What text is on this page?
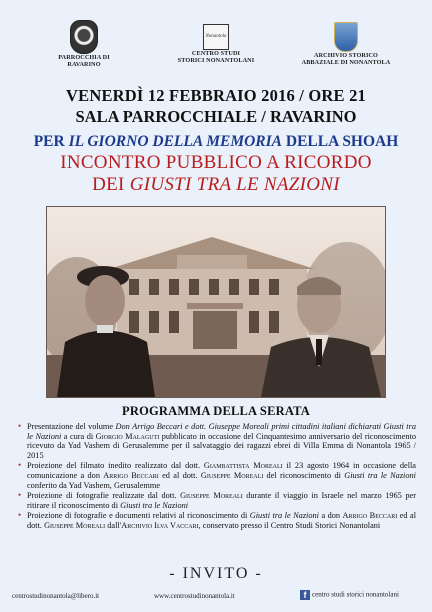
PARROCCHIA DI
RAVARINO
Nonantola
CENTRO STUDI
STORICI NONANTOLANI
ARCHIVIO STORICO
ABBAZIALE DI NONANTOLA
VENERDÌ 12 FEBBRAIO 2016 / ORE 21
SALA PARROCCHIALE / RAVARINO
PER IL GIORNO DELLA MEMORIA DELLA SHOAH
INCONTRO PUBBLICO A RICORDO
DEI GIUSTI TRA LE NAZIONI
PROGRAMMA DELLA SERATA
• Presentazione del volume Don Arrigo Beccari e dott. Giuseppe Moreali primi cittadini italiani dichiarati Giusti tra le Nazioni a cura di Giorgio Malaguti pubblicato in occasione del Cinquantesimo anniversario del riconoscimento ricevuto da Yad Vashem di Gerusalemme per il salvataggio dei ragazzi ebrei di Villa Emma di Nonantola 1965 / 2015
• Proiezione del filmato inedito realizzato dal dott. Giambattista Moreali il 23 agosto 1964 in occasione della comunicazione a don Arrigo Beccari ed al dott. Giuseppe Moreali del riconoscimento di Giusti tra le Nazioni conferito da Yad Vashem, Gerusalemme
• Proiezione di fotografie realizzate dal dott. Giuseppe Moreali durante il viaggio in Israele nel marzo 1965 per ritirare il riconoscimento di Giusti tra le Nazioni
• Proiezione di fotografie e documenti relativi al riconoscimento di Giusti tra le Nazioni a don Arrigo Beccari ed al dott. Giuseppe Moreali dall'Archivio Ilva Vaccari, conservato presso il Centro Studi Storici Nonantolani
- INVITO -
centrostudinonantola@libero.it	www.centrostudinonantola.it	f centro studi storici nonantolani
